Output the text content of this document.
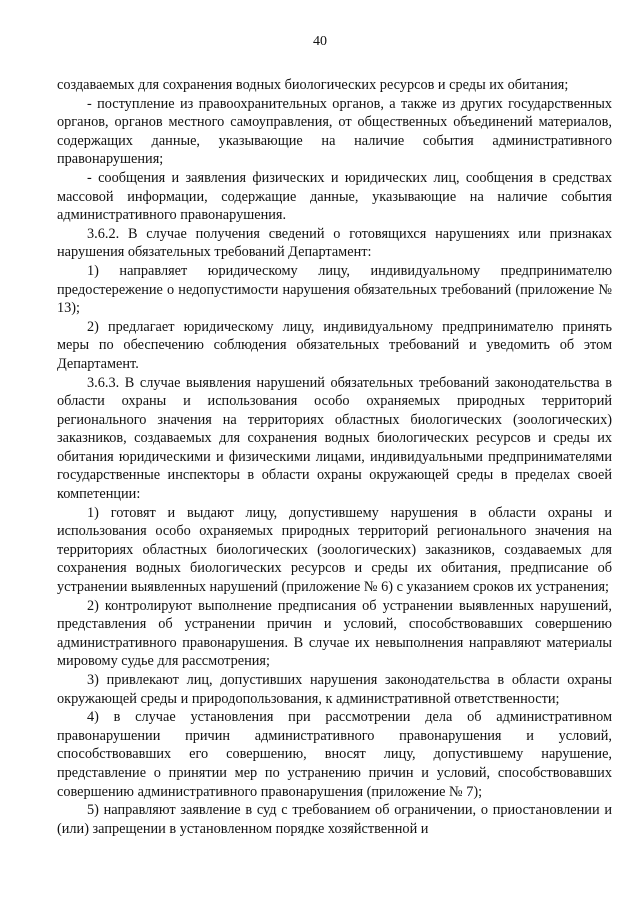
40

создаваемых для сохранения водных биологических ресурсов и среды их обитания;

- поступление из правоохранительных органов, а также из других государственных органов, органов местного самоуправления, от общественных объединений материалов, содержащих данные, указывающие на наличие события административного правонарушения;

- сообщения и заявления физических и юридических лиц, сообщения в средствах массовой информации, содержащие данные, указывающие на наличие события административного правонарушения.

3.6.2. В случае получения сведений о готовящихся нарушениях или признаках нарушения обязательных требований Департамент:

1) направляет юридическому лицу, индивидуальному предпринимателю предостережение о недопустимости нарушения обязательных требований (приложение № 13);

2) предлагает юридическому лицу, индивидуальному предпринимателю принять меры по обеспечению соблюдения обязательных требований и уведомить об этом Департамент.

3.6.3. В случае выявления нарушений обязательных требований законодательства в области охраны и использования особо охраняемых природных территорий регионального значения на территориях областных биологических (зоологических) заказников, создаваемых для сохранения водных биологических ресурсов и среды их обитания юридическими и физическими лицами, индивидуальными предпринимателями государственные инспекторы в области охраны окружающей среды в пределах своей компетенции:

1) готовят и выдают лицу, допустившему нарушения в области охраны и использования особо охраняемых природных территорий регионального значения на территориях областных биологических (зоологических) заказников, создаваемых для сохранения водных биологических ресурсов и среды их обитания, предписание об устранении выявленных нарушений (приложение № 6) с указанием сроков их устранения;

2) контролируют выполнение предписания об устранении выявленных нарушений, представления об устранении причин и условий, способствовавших совершению административного правонарушения. В случае их невыполнения направляют материалы мировому судье для рассмотрения;

3) привлекают лиц, допустивших нарушения законодательства в области охраны окружающей среды и природопользования, к административной ответственности;

4) в случае установления при рассмотрении дела об административном правонарушении причин административного правонарушения и условий, способствовавших его совершению, вносят лицу, допустившему нарушение, представление о принятии мер по устранению причин и условий, способствовавших совершению административного правонарушения (приложение № 7);

5) направляют заявление в суд с требованием об ограничении, о приостановлении и (или) запрещении в установленном порядке хозяйственной и
